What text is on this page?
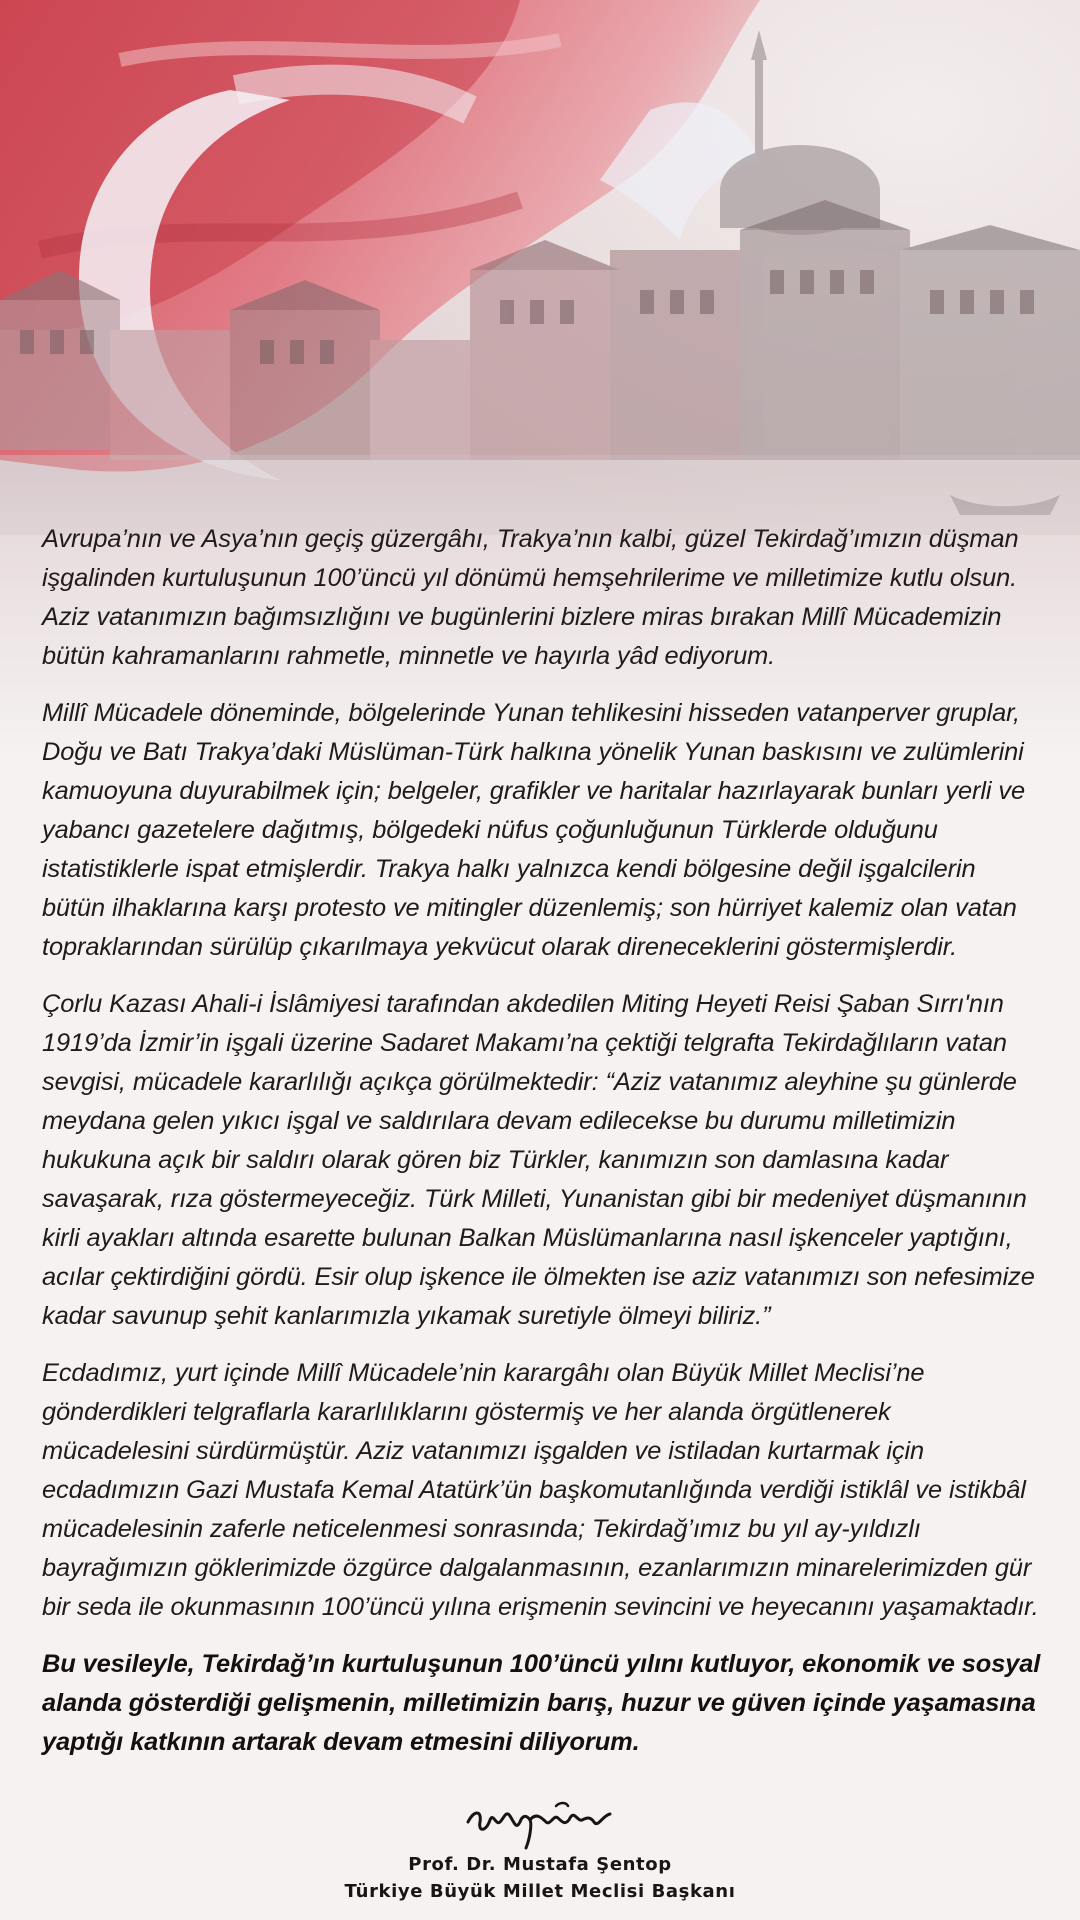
Avrupa’nın ve Asya’nın geçiş güzergâhı, Trakya’nın kalbi, güzel Tekirdağ’ımızın düşman işgalinden kurtuluşunun 100’üncü yıl dönümü hemşehrilerime ve milletimize kutlu olsun. Aziz vatanımızın bağımsızlığını ve bugünlerini bizlere miras bırakan Millî Mücademizin bütün kahramanlarını rahmetle, minnetle ve hayırla yâd ediyorum.

Millî Mücadele döneminde, bölgelerinde Yunan tehlikesini hisseden vatanperver gruplar, Doğu ve Batı Trakya’daki Müslüman-Türk halkına yönelik Yunan baskısını ve zulümlerini kamuoyuna duyurabilmek için; belgeler, grafikler ve haritalar hazırlayarak bunları yerli ve yabancı gazetelere dağıtmış, bölgedeki nüfus çoğunluğunun Türklerde olduğunu istatistiklerle ispat etmişlerdir. Trakya halkı yalnızca kendi bölgesine değil işgalcilerin bütün ilhaklarına karşı protesto ve mitingler düzenlemiş; son hürriyet kalemiz olan vatan topraklarından sürülüp çıkarılmaya yekvücut olarak direneceklerini göstermişlerdir.

Çorlu Kazası Ahali-i İslâmiyesi tarafından akdedilen Miting Heyeti Reisi Şaban Sırrı'nın 1919’da İzmir’in işgali üzerine Sadaret Makamı’na çektiği telgrafta Tekirdağlıların vatan sevgisi, mücadele kararlılığı açıkça görülmektedir: “Aziz vatanımız aleyhine şu günlerde meydana gelen yıkıcı işgal ve saldırılara devam edilecekse bu durumu milletimizin hukukuna açık bir saldırı olarak gören biz Türkler, kanımızın son damlasına kadar savaşarak, rıza göstermeyeceğiz. Türk Milleti, Yunanistan gibi bir medeniyet düşmanının kirli ayakları altında esarette bulunan Balkan Müslümanlarına nasıl işkenceler yaptığını, acılar çektirdiğini gördü. Esir olup işkence ile ölmekten ise aziz vatanımızı son nefesimize kadar savunup şehit kanlarımızla yıkamak suretiyle ölmeyi biliriz.”

Ecdadımız, yurt içinde Millî Mücadele’nin karargâhı olan Büyük Millet Meclisi’ne gönderdikleri telgraflarla kararlılıklarını göstermiş ve her alanda örgütlenerek mücadelesini sürdürmüştür. Aziz vatanımızı işgalden ve istiladan kurtarmak için ecdadımızın Gazi Mustafa Kemal Atatürk’ün başkomutanlığında verdiği istiklâl ve istikbâl mücadelesinin zaferle neticelenmesi sonrasında; Tekirdağ’ımız bu yıl ay-yıldızlı bayrağımızın göklerimizde özgürce dalgalanmasının, ezanlarımızın minarelerimizden gür bir seda ile okunmasının 100’üncü yılına erişmenin sevincini ve heyecanını yaşamaktadır.

Bu vesileyle, Tekirdağ’ın kurtuluşunun 100’üncü yılını kutluyor, ekonomik ve sosyal alanda gösterdiği gelişmenin, milletimizin barış, huzur ve güven içinde yaşamasına yaptığı katkının artarak devam etmesini diliyorum.

Prof. Dr. Mustafa Şentop
Türkiye Büyük Millet Meclisi Başkanı
